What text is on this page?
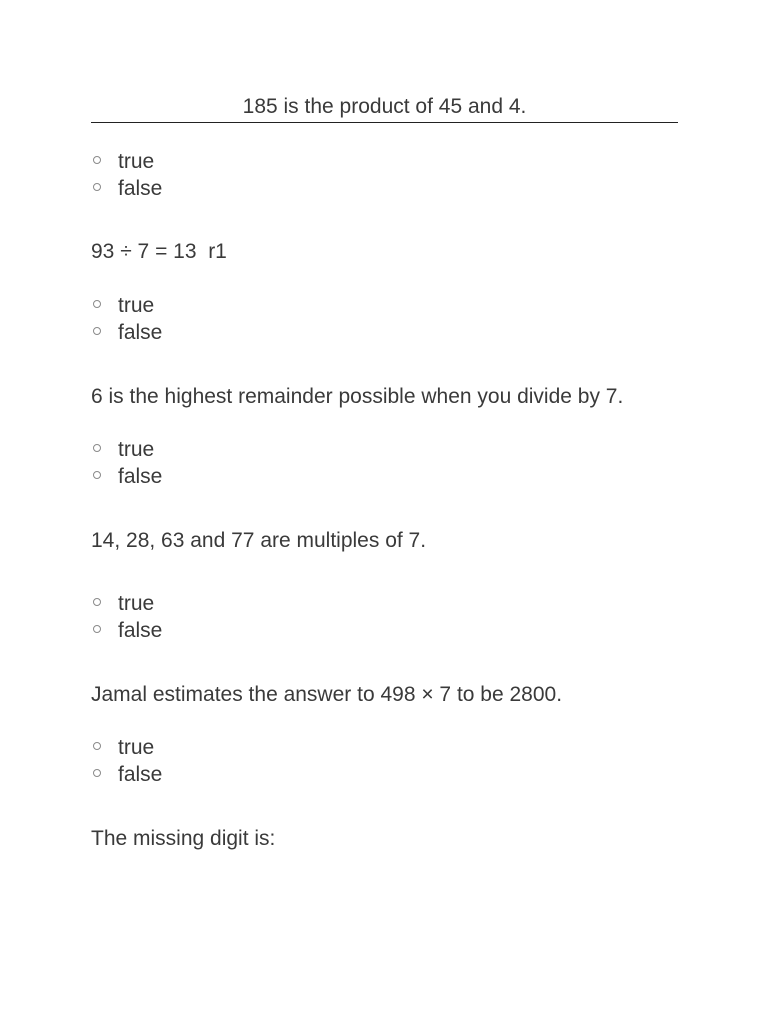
185 is the product of 45 and 4.

true
false

93 ÷ 7 = 13  r1

true
false

6 is the highest remainder possible when you divide by 7.

true
false

14, 28, 63 and 77 are multiples of 7.

true
false

Jamal estimates the answer to 498 × 7 to be 2800.

true
false

The missing digit is:
